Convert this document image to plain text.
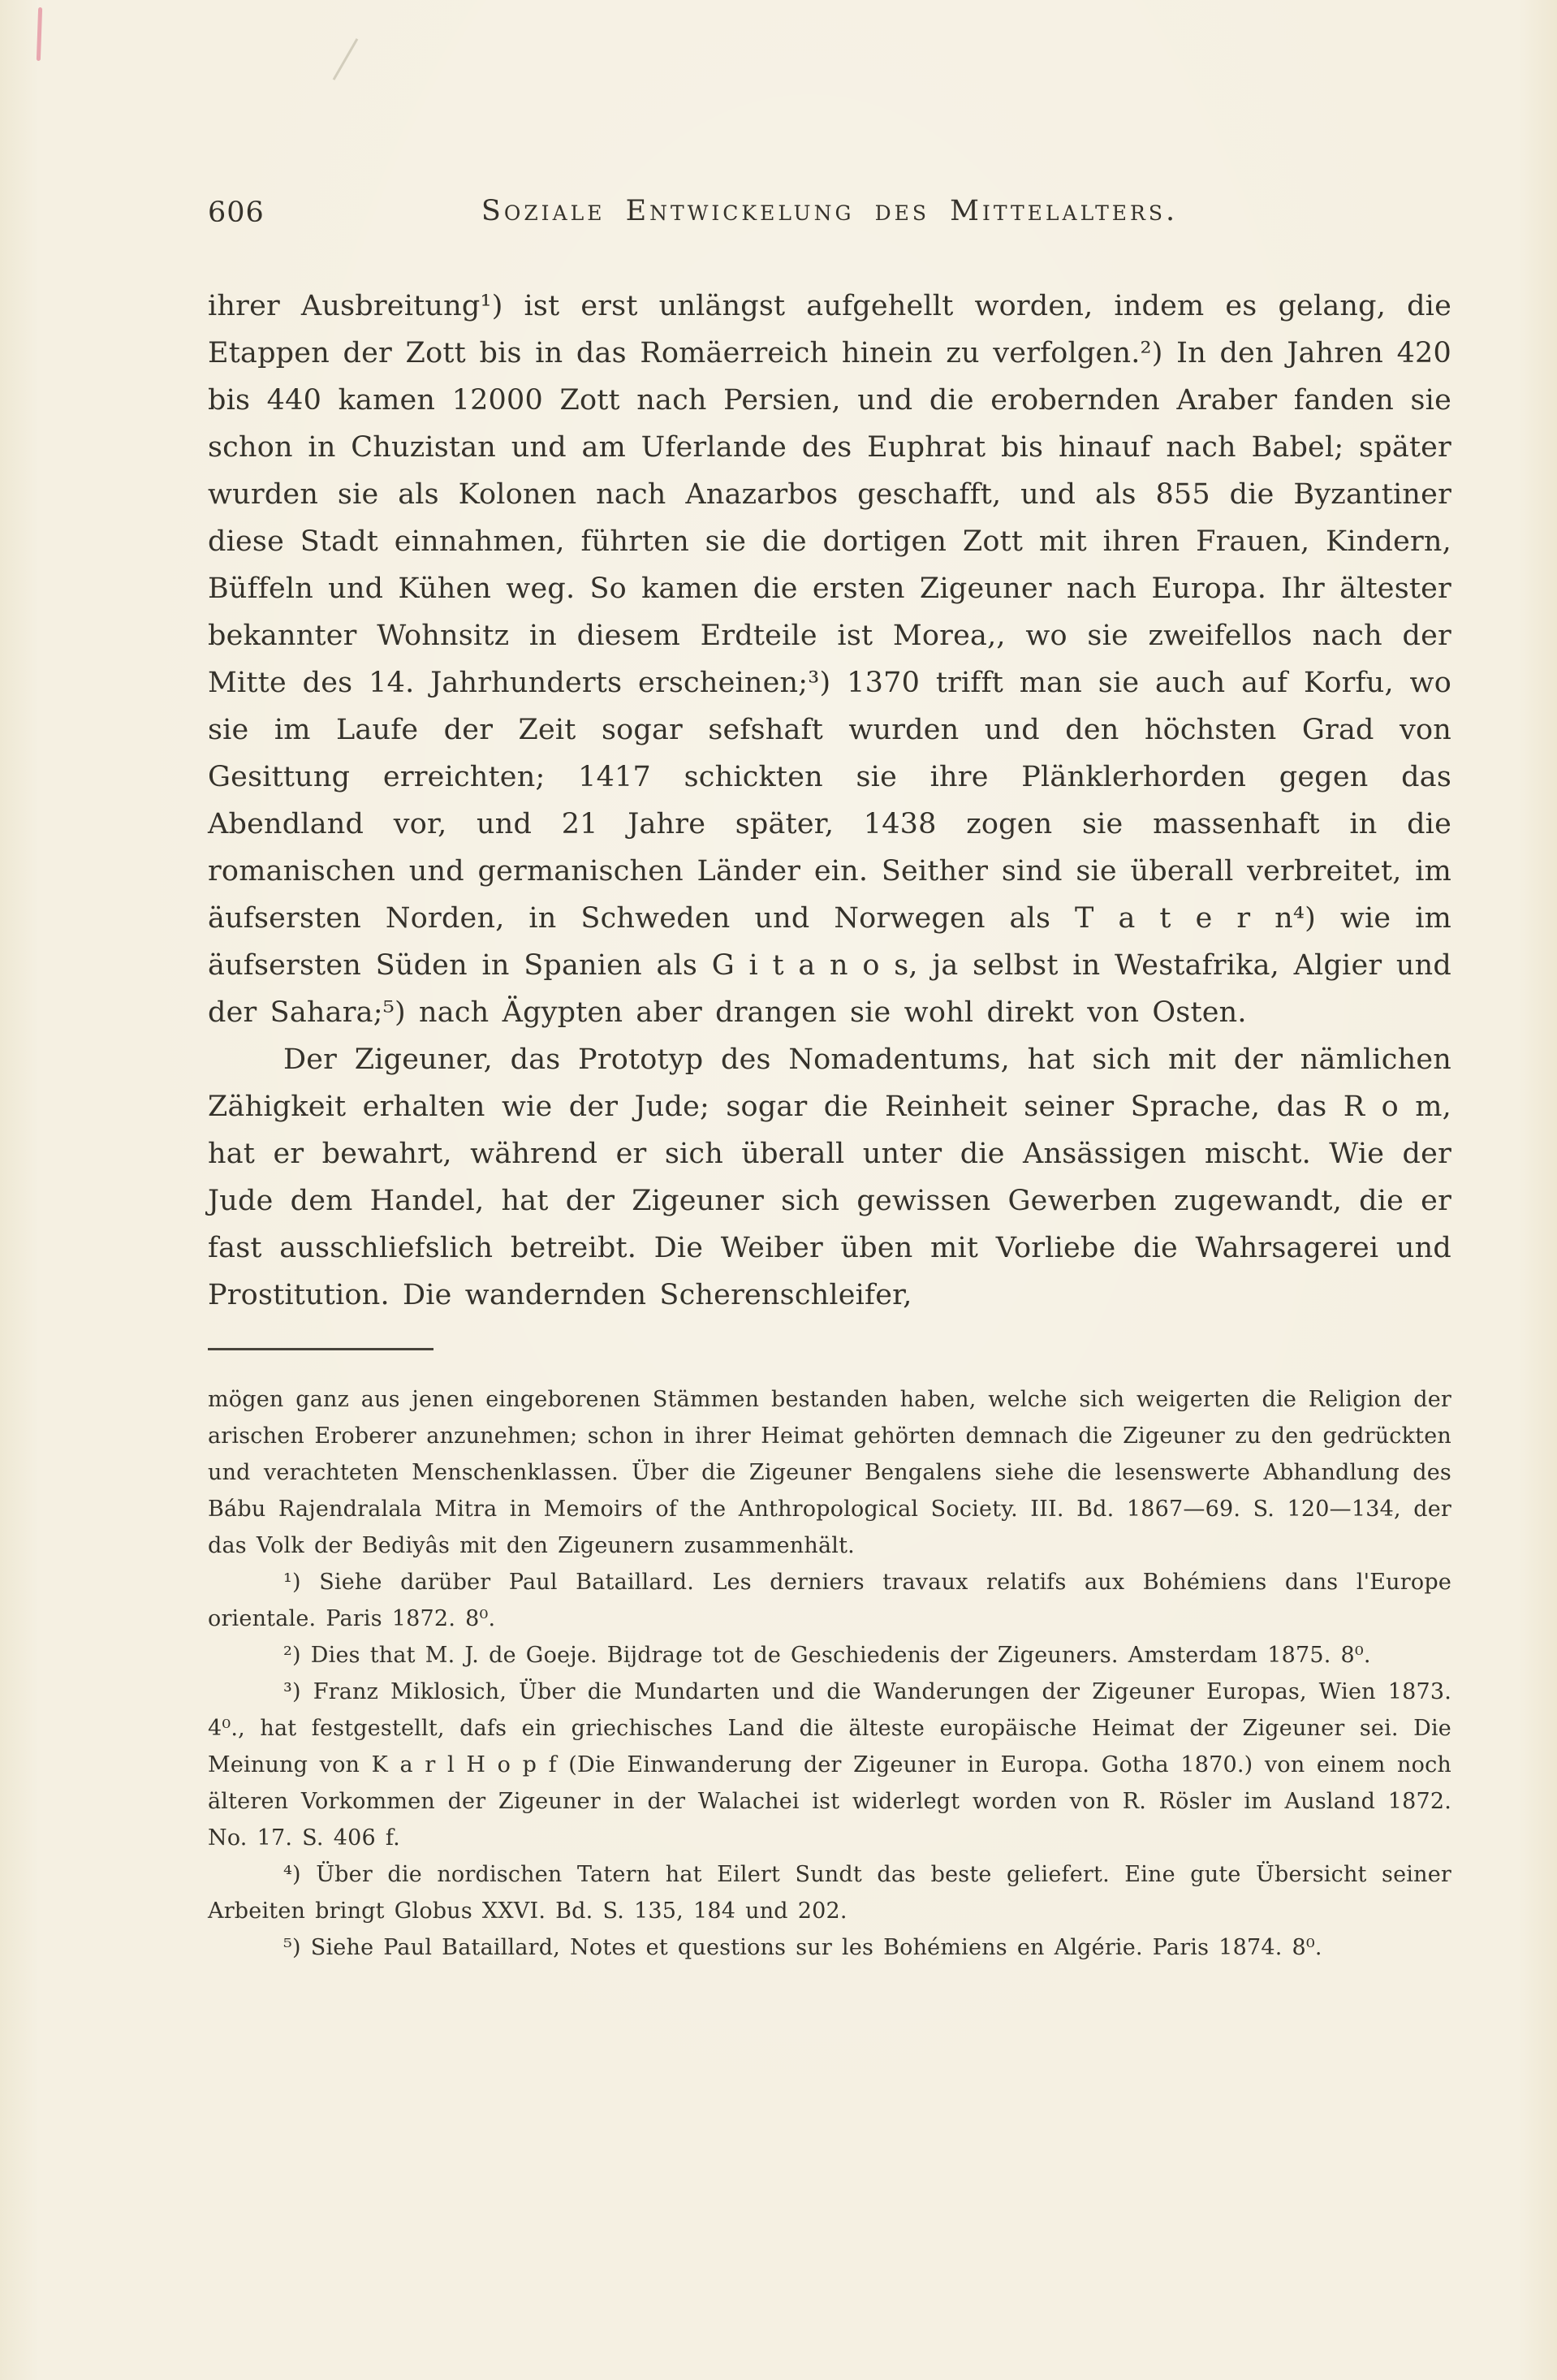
606	Soziale Entwickelung des Mittelalters.

ihrer Ausbreitung¹) ist erst unlängst aufgehellt worden, indem es gelang, die Etappen der Zott bis in das Romäerreich hinein zu verfolgen.²) In den Jahren 420 bis 440 kamen 12000 Zott nach Persien, und die erobernden Araber fanden sie schon in Chuzistan und am Uferlande des Euphrat bis hinauf nach Babel; später wurden sie als Kolonen nach Anazarbos geschafft, und als 855 die Byzantiner diese Stadt einnahmen, führten sie die dortigen Zott mit ihren Frauen, Kindern, Büffeln und Kühen weg. So kamen die ersten Zigeuner nach Europa. Ihr ältester bekannter Wohnsitz in diesem Erdteile ist Morea,, wo sie zweifellos nach der Mitte des 14. Jahrhunderts erscheinen;³) 1370 trifft man sie auch auf Korfu, wo sie im Laufe der Zeit sogar sefshaft wurden und den höchsten Grad von Gesittung erreichten; 1417 schickten sie ihre Plänklerhorden gegen das Abendland vor, und 21 Jahre später, 1438 zogen sie massenhaft in die romanischen und germanischen Länder ein. Seither sind sie überall verbreitet, im äufsersten Norden, in Schweden und Norwegen als T a t e r n⁴) wie im äufsersten Süden in Spanien als G i t a n o s, ja selbst in Westafrika, Algier und der Sahara;⁵) nach Ägypten aber drangen sie wohl direkt von Osten.

Der Zigeuner, das Prototyp des Nomadentums, hat sich mit der nämlichen Zähigkeit erhalten wie der Jude; sogar die Reinheit seiner Sprache, das R o m, hat er bewahrt, während er sich überall unter die Ansässigen mischt. Wie der Jude dem Handel, hat der Zigeuner sich gewissen Gewerben zugewandt, die er fast ausschliefslich betreibt. Die Weiber üben mit Vorliebe die Wahrsagerei und Prostitution. Die wandernden Scherenschleifer,

mögen ganz aus jenen eingeborenen Stämmen bestanden haben, welche sich weigerten die Religion der arischen Eroberer anzunehmen; schon in ihrer Heimat gehörten demnach die Zigeuner zu den gedrückten und verachteten Menschenklassen. Über die Zigeuner Bengalens siehe die lesenswerte Abhandlung des Bábu Rajendralala Mitra in Memoirs of the Anthropological Society. III. Bd. 1867—69. S. 120—134, der das Volk der Bediyâs mit den Zigeunern zusammenhält.

¹) Siehe darüber Paul Bataillard. Les derniers travaux relatifs aux Bohémiens dans l'Europe orientale. Paris 1872. 8⁰.

²) Dies that M. J. de Goeje. Bijdrage tot de Geschiedenis der Zigeuners. Amsterdam 1875. 8⁰.

³) Franz Miklosich, Über die Mundarten und die Wanderungen der Zigeuner Europas, Wien 1873. 4⁰., hat festgestellt, dafs ein griechisches Land die älteste europäische Heimat der Zigeuner sei. Die Meinung von K a r l H o p f (Die Einwanderung der Zigeuner in Europa. Gotha 1870.) von einem noch älteren Vorkommen der Zigeuner in der Walachei ist widerlegt worden von R. Rösler im Ausland 1872. No. 17. S. 406 f.

⁴) Über die nordischen Tatern hat Eilert Sundt das beste geliefert. Eine gute Übersicht seiner Arbeiten bringt Globus XXVI. Bd. S. 135, 184 und 202.

⁵) Siehe Paul Bataillard, Notes et questions sur les Bohémiens en Algérie. Paris 1874. 8⁰.
